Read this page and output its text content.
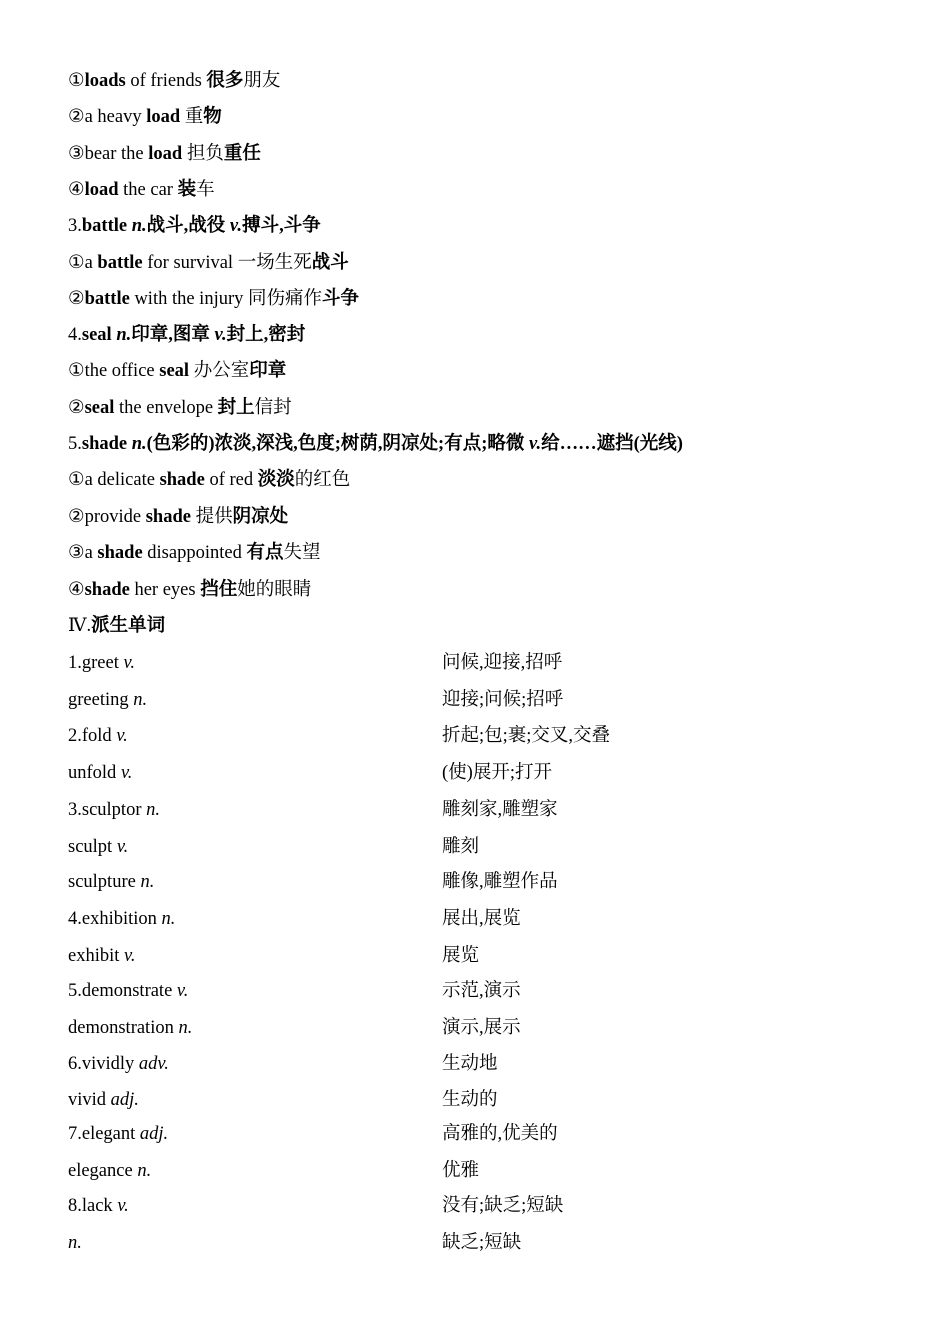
①loads of friends 很多朋友
②a heavy load 重物
③bear the load 担负重任
④load the car 装车
3.battle n.战斗,战役 v.搏斗,斗争
①a battle for survival 一场生死战斗
②battle with the injury 同伤痛作斗争
4.seal n.印章,图章 v.封上,密封
①the office seal 办公室印章
②seal the envelope 封上信封
5.shade n.(色彩的)浓淡,深浅,色度;树荫,阴凉处;有点;略微 v.给……遮挡(光线)
①a delicate shade of red 淡淡的红色
②provide shade 提供阴凉处
③a shade disappointed 有点失望
④shade her eyes 挡住她的眼睛
Ⅳ.派生单词
1.greet v.	问候,迎接,招呼
greeting n.	迎接;问候;招呼
2.fold v.	折起;包;裹;交叉,交叠
unfold v.	(使)展开;打开
3.sculptor n.	雕刻家,雕塑家
sculpt v.	雕刻
sculpture n.	雕像,雕塑作品
4.exhibition n.	展出,展览
exhibit v.	展览
5.demonstrate v.	示范,演示
demonstration n.	演示,展示
6.vividly adv.	生动地
vivid adj.	生动的
7.elegant adj.	高雅的,优美的
elegance n.	优雅
8.lack v.	没有;缺乏;短缺
n.	缺乏;短缺
